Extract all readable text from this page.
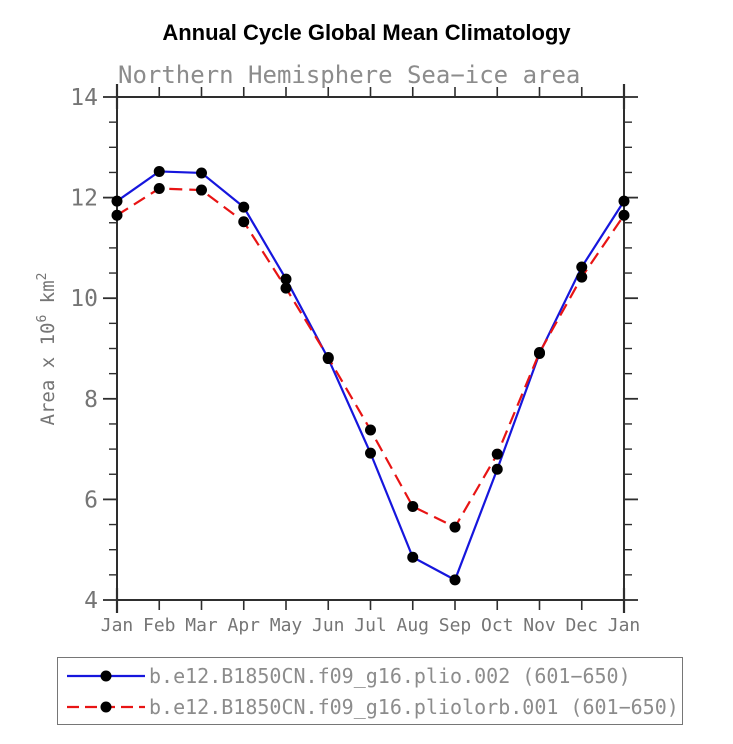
Annual Cycle Global Mean Climatology
Northern Hemisphere Sea−ice area
4
6
8
10
12
14
Jan Feb Mar Apr May Jun Jul Aug Sep Oct Nov Dec Jan
Area x $10^6$ $km^2$
b.e12.B1850CN.f09_g16.plio.002 (601−650)
b.e12.B1850CN.f09_g16.pliolorb.001 (601−650)
